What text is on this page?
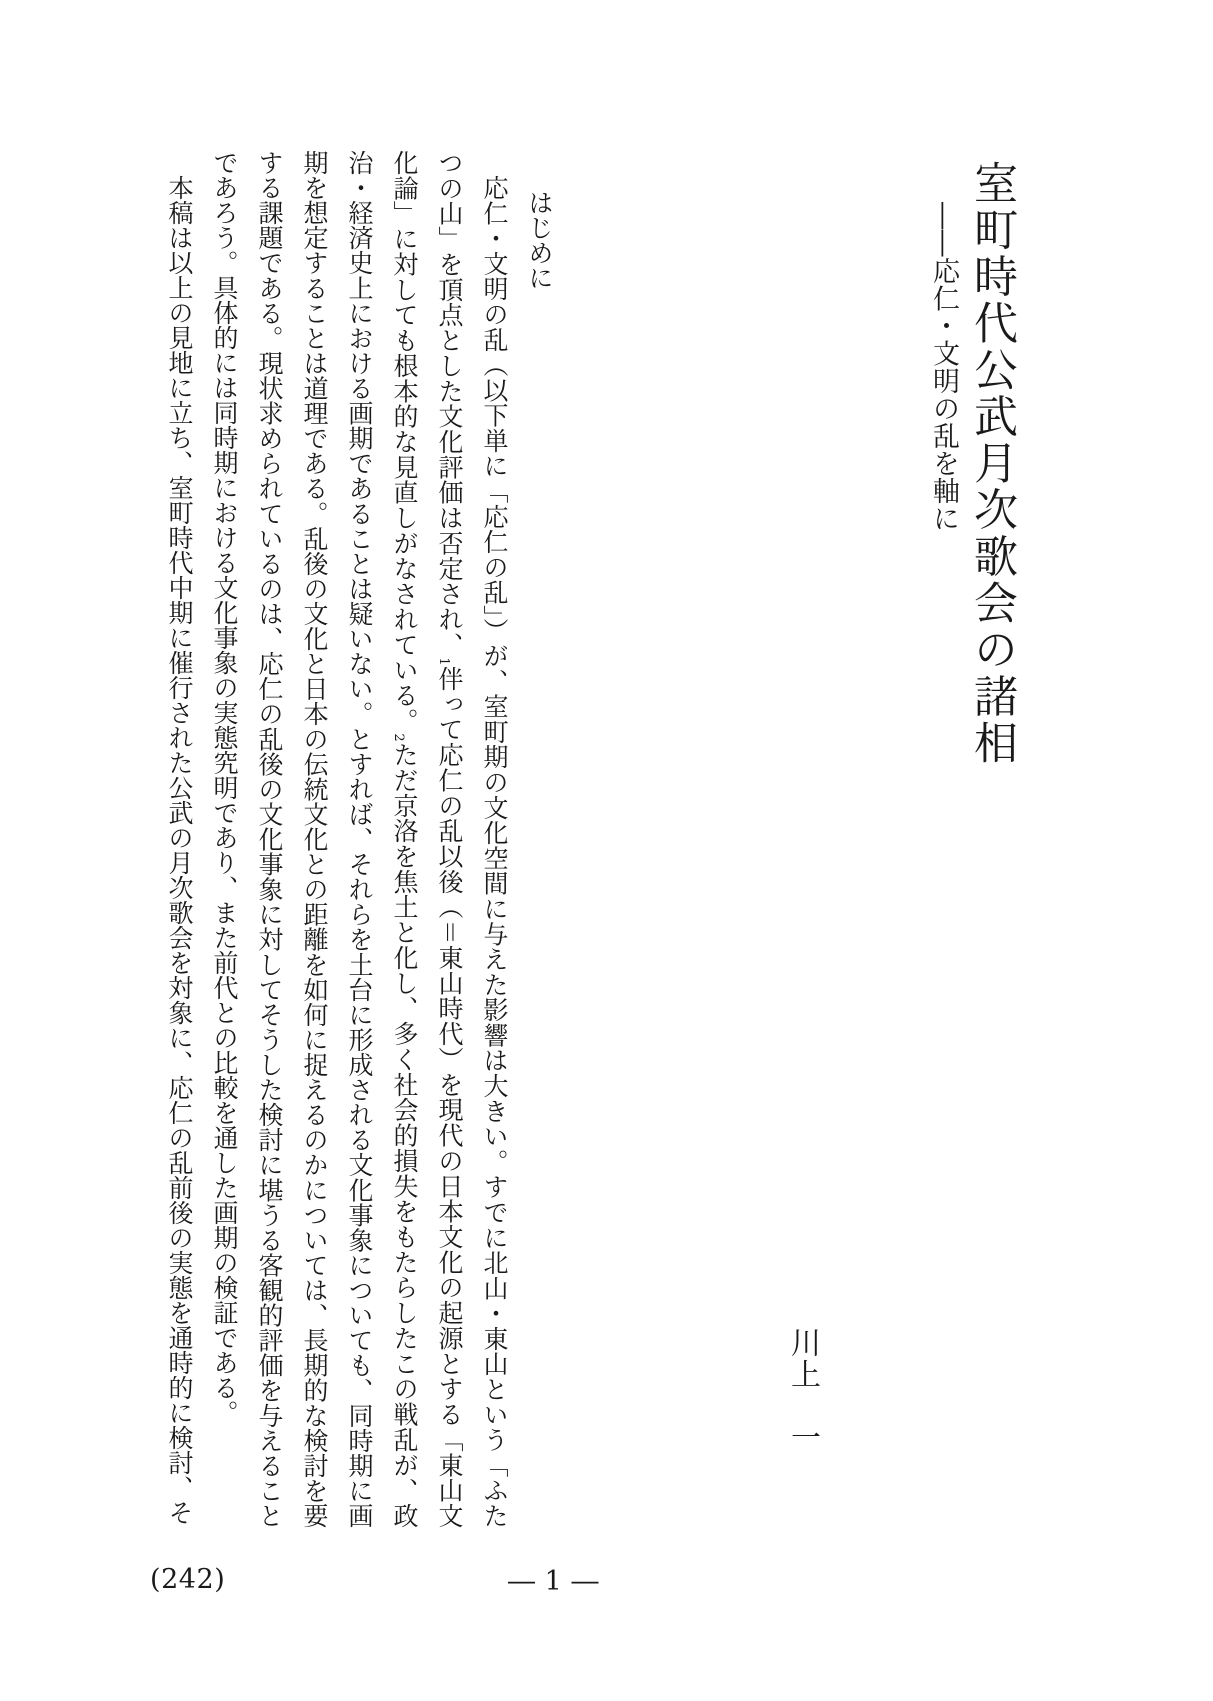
室町時代公武月次歌会の諸相
――応仁・文明の乱を軸に
川上　一
はじめに

応仁・文明の乱（以下単に「応仁の乱」）が、室町期の文化空間に与えた影響は大きい。すでに北山・東山という「ふたつの山」を頂点とした文化評価は否定され、$^1$伴って応仁の乱以後（＝東山時代）を現代の日本文化の起源とする「東山文化論」に対しても根本的な見直しがなされている。$^2$ただ京洛を焦土と化し、多く社会的損失をもたらしたこの戦乱が、政治・経済史上における画期であることは疑いない。とすれば、それらを土台に形成される文化事象についても、同時期に画期を想定することは道理である。乱後の文化と日本の伝統文化との距離を如何に捉えるのかについては、長期的な検討を要する課題である。現状求められているのは、応仁の乱後の文化事象に対してそうした検討に堪うる客観的評価を与えることであろう。具体的には同時期における文化事象の実態究明であり、また前代との比較を通した画期の検証である。

本稿は以上の見地に立ち、室町時代中期に催行された公武の月次歌会を対象に、応仁の乱前後の実態を通時的に検討、そ

(242)	― 1 ―
